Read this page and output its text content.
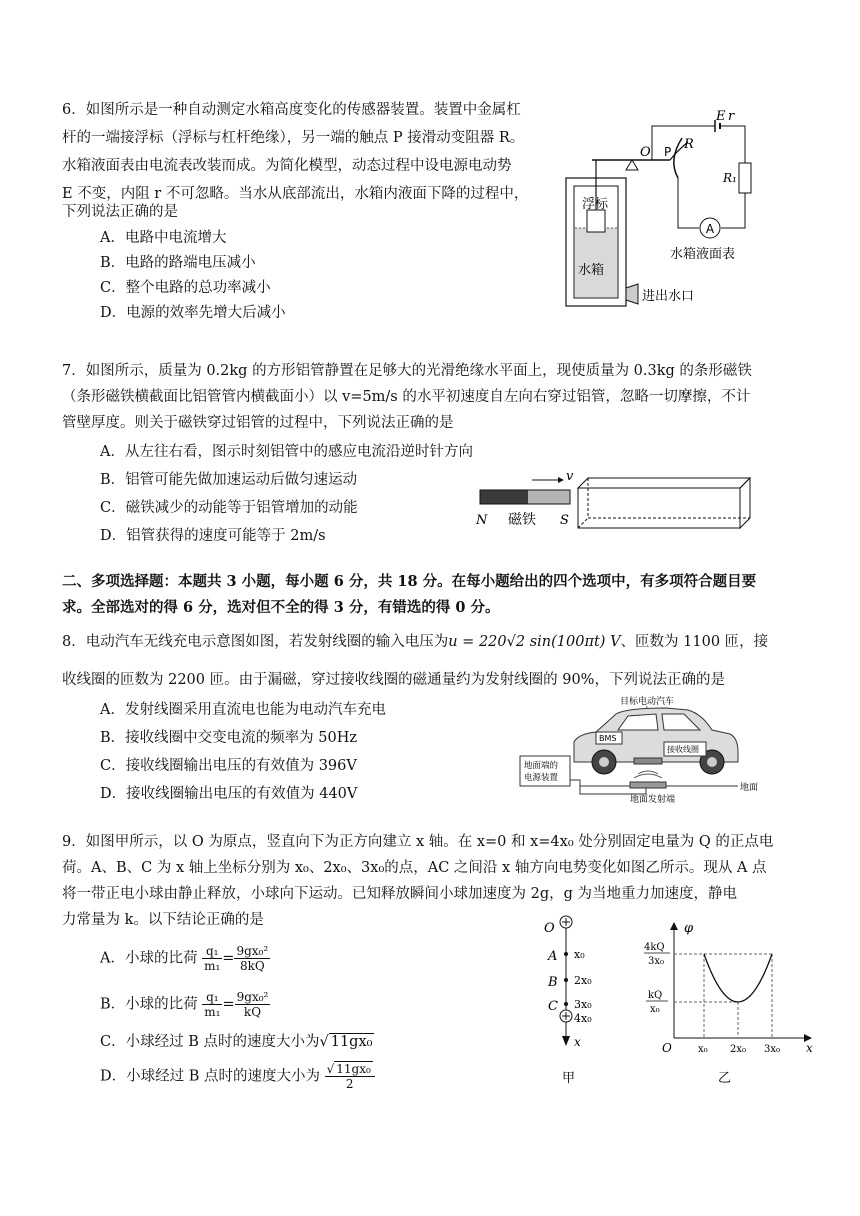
6．如图所示是一种自动测定水箱高度变化的传感器装置。装置中金属杠
杆的一端接浮标（浮标与杠杆绝缘），另一端的触点 P 接滑动变阻器 R。
水箱液面表由电流表改装而成。为简化模型，动态过程中设电源电动势
E 不变，内阻 r 不可忽略。当水从底部流出，水箱内液面下降的过程中，
下列说法正确的是
A．电路中电流增大
B．电路的路端电压减小
C．整个电路的总功率减小
D．电源的效率先增大后减小
A
E r
O P R
R₁
浮标
水箱
进出水口
水箱液面表
7．如图所示，质量为 0.2kg 的方形铝管静置在足够大的光滑绝缘水平面上，现使质量为 0.3kg 的条形磁铁
（条形磁铁横截面比铝管管内横截面小）以 v=5m/s 的水平初速度自左向右穿过铝管，忽略一切摩擦，不计
管壁厚度。则关于磁铁穿过铝管的过程中，下列说法正确的是
A．从左往右看，图示时刻铝管中的感应电流沿逆时针方向
B．铝管可能先做加速运动后做匀速运动
C．磁铁减少的动能等于铝管增加的动能
D．铝管获得的速度可能等于 2m/s
v
N 磁铁 S
二、多项选择题：本题共 3 小题，每小题 6 分，共 18 分。在每小题给出的四个选项中，有多项符合题目要
求。全部选对的得 6 分，选对但不全的得 3 分，有错选的得 0 分。
8．电动汽车无线充电示意图如图，若发射线圈的输入电压为u = 220√2 sin(100πt) V、匝数为 1100 匝，接
收线圈的匝数为 2200 匝。由于漏磁，穿过接收线圈的磁通量约为发射线圈的 90%，下列说法正确的是
A．发射线圈采用直流电也能为电动汽车充电
B．接收线圈中交变电流的频率为 50Hz
C．接收线圈输出电压的有效值为 396V
D．接收线圈输出电压的有效值为 440V
目标电动汽车
BMS
接收线圈
地面
地面发射端
地面端的
电源装置
9．如图甲所示，以 O 为原点，竖直向下为正方向建立 x 轴。在 x=0 和 x=4x₀ 处分别固定电量为 Q 的正点电
荷。A、B、C 为 x 轴上坐标分别为 x₀、2x₀、3x₀的点，AC 之间沿 x 轴方向电势变化如图乙所示。现从 A 点
将一带正电小球由静止释放，小球向下运动。已知释放瞬间小球加速度为 2g，g 为当地重力加速度，静电
力常量为 k。以下结论正确的是
A．小球的比荷 $\frac{\text{q₁}}{\text{m₁}} = \frac{\text{9gx₀²}}{8kQ}$
B．小球的比荷 $\frac{\text{q₁}}{\text{m₁}} = \frac{\text{9gx₀²}}{kQ}$
C．小球经过 B 点时的速度大小为√ 11gx₀
D．小球经过 B 点时的速度大小为 $\frac{\text{√ 11gx₀}}{2}$
O
A
B
C
x₀
2x₀
3x₀
4x₀
x
甲
φ
4kQ
3x₀
kQ
x₀
O	x₀ 2x₀ 3x₀ x
乙
